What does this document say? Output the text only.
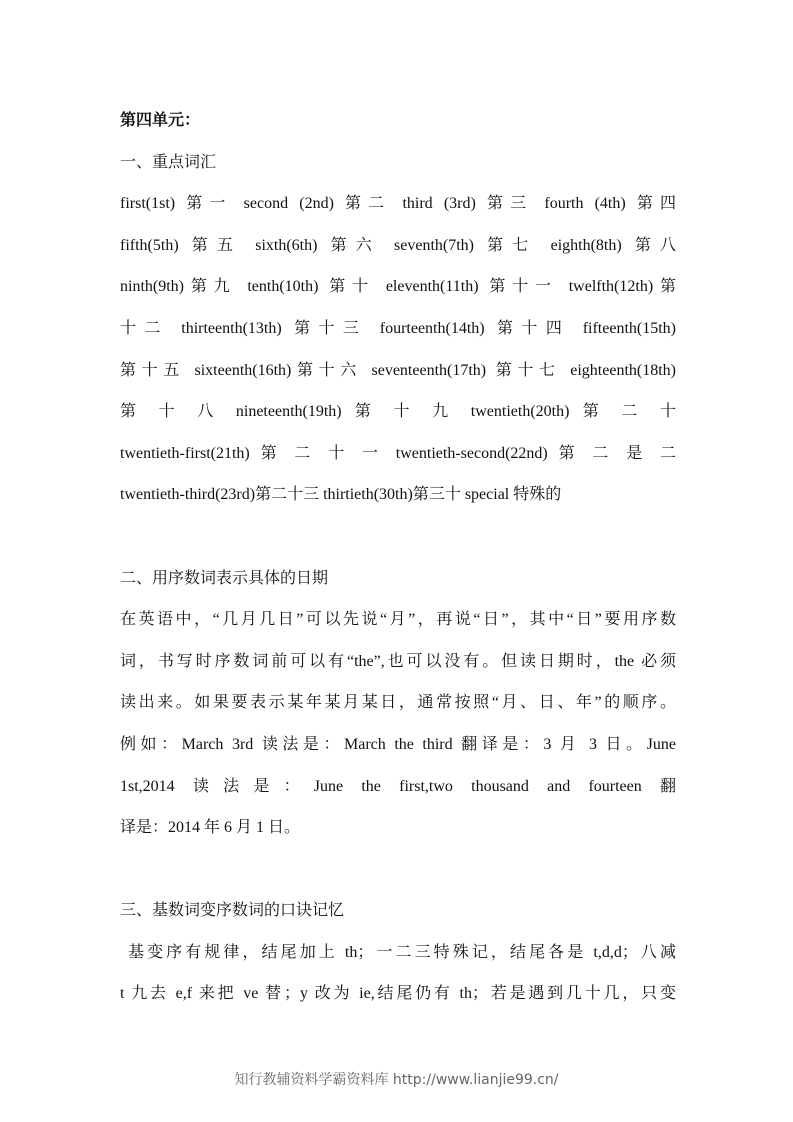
第四单元：
一、重点词汇
first(1st) 第一 second (2nd) 第二 third (3rd) 第三 fourth (4th) 第四
fifth(5th) 第五 sixth(6th) 第六 seventh(7th) 第七 eighth(8th) 第八
ninth(9th)第九 tenth(10th) 第十 eleventh(11th) 第十一 twelfth(12th)第
十二 thirteenth(13th) 第十三 fourteenth(14th) 第十四 fifteenth(15th)
第十五 sixteenth(16th)第十六 seventeenth(17th) 第十七 eighteenth(18th)
第 十 八 nineteenth(19th) 第 十 九 twentieth(20th) 第 二 十
twentieth-first(21th) 第 二 十 一 twentieth-second(22nd) 第 二 是 二
twentieth-third(23rd)第二十三 thirtieth(30th)第三十 special 特殊的
二、用序数词表示具体的日期
在英语中，“几月几日”可以先说“月”，再说“日”，其中“日”要用序数
词，书写时序数词前可以有“the”,也可以没有。但读日期时，the 必须
读出来。如果要表示某年某月某日，通常按照“月、日、年”的顺序。
例如：March 3rd 读法是：March the third 翻译是：3 月 3 日。June
1st,2014 读法是：June the first,two thousand and fourteen 翻
译是：2014 年 6 月 1 日。
三、基数词变序数词的口诀记忆
基变序有规律，结尾加上 th；一二三特殊记，结尾各是 t,d,d；八减
t 九去 e,f 来把 ve 替；y 改为 ie,结尾仍有 th；若是遇到几十几，只变
知行教辅资料学霸资料库 http://www.lianjie99.cn/
